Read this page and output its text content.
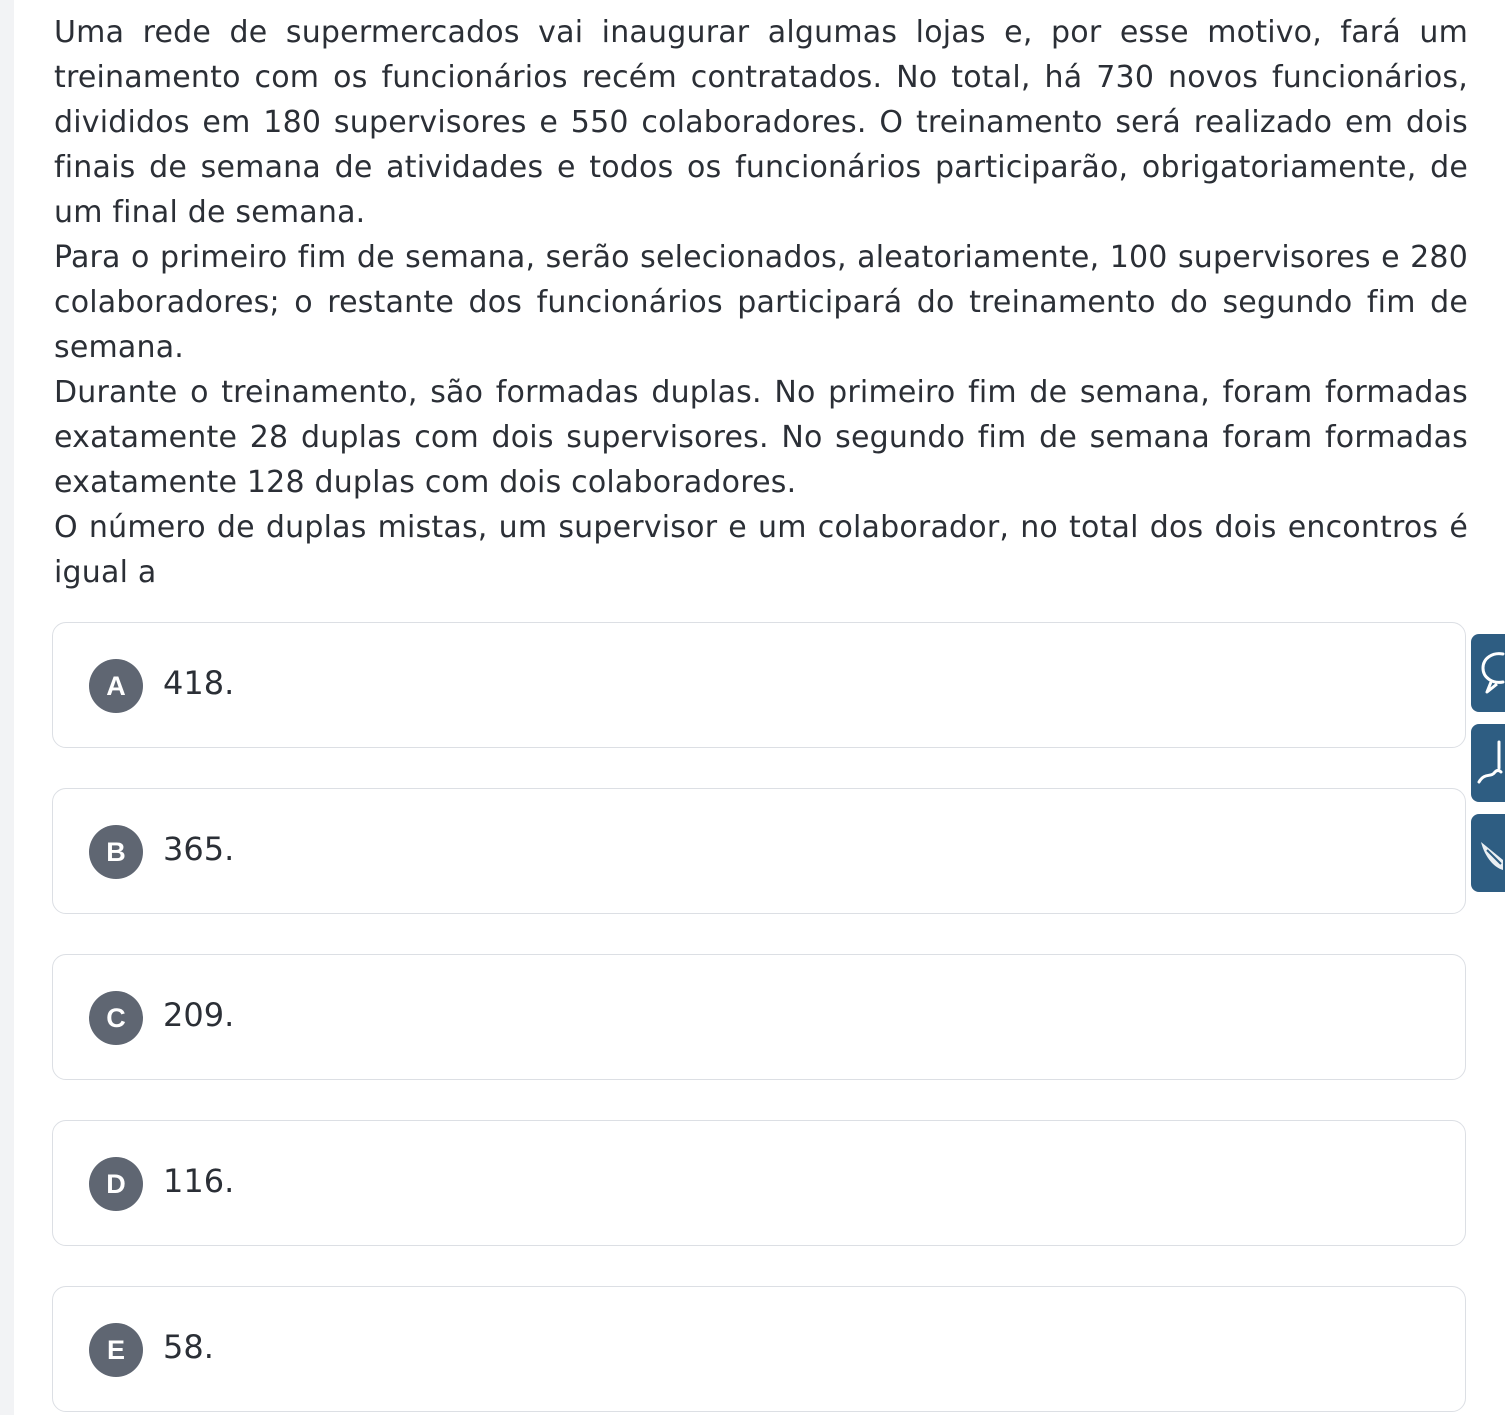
Uma rede de supermercados vai inaugurar algumas lojas e, por esse motivo, fará um treinamento com os funcionários recém contratados. No total, há 730 novos funcionários, divididos em 180 supervisores e 550 colaboradores. O treinamento será realizado em dois finais de semana de atividades e todos os funcionários participarão, obrigatoriamente, de um final de semana.

Para o primeiro fim de semana, serão selecionados, aleatoriamente, 100 supervisores e 280 colaboradores; o restante dos funcionários participará do treinamento do segundo fim de semana.

Durante o treinamento, são formadas duplas. No primeiro fim de semana, foram formadas exatamente 28 duplas com dois supervisores. No segundo fim de semana foram formadas exatamente 128 duplas com dois colaboradores.

O número de duplas mistas, um supervisor e um colaborador, no total dos dois encontros é igual a

A	418.
B	365.
C	209.
D	116.
E	58.
